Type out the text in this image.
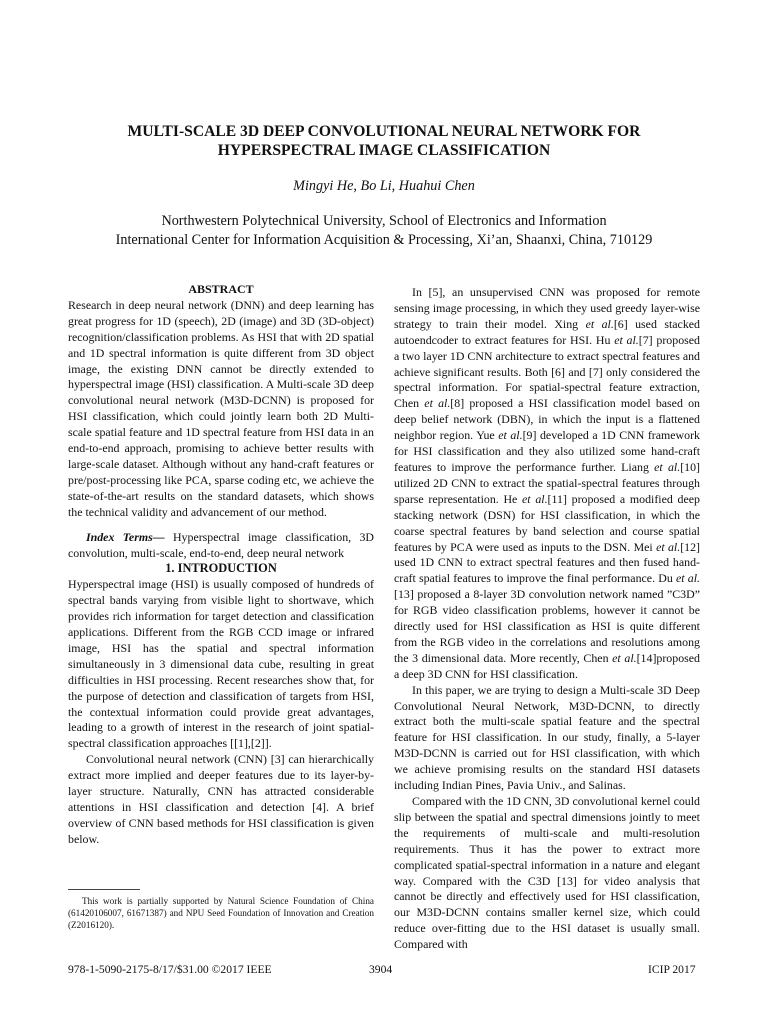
MULTI-SCALE 3D DEEP CONVOLUTIONAL NEURAL NETWORK FOR
HYPERSPECTRAL IMAGE CLASSIFICATION
Mingyi He, Bo Li, Huahui Chen
Northwestern Polytechnical University, School of Electronics and Information
International Center for Information Acquisition & Processing, Xi’an, Shaanxi, China, 710129

ABSTRACT

Research in deep neural network (DNN) and deep learning has great progress for 1D (speech), 2D (image) and 3D (3D-object) recognition/classification problems. As HSI that with 2D spatial and 1D spectral information is quite different from 3D object image, the existing DNN cannot be directly extended to hyperspectral image (HSI) classification. A Multi-scale 3D deep convolutional neural network (M3D-DCNN) is proposed for HSI classification, which could jointly learn both 2D Multi-scale spatial feature and 1D spectral feature from HSI data in an end-to-end approach, promising to achieve better results with large-scale dataset. Although without any hand-craft features or pre/post-processing like PCA, sparse coding etc, we achieve the state-of-the-art results on the standard datasets, which shows the technical validity and advancement of our method.

Index Terms— Hyperspectral image classification, 3D convolution, multi-scale, end-to-end, deep neural network

1. INTRODUCTION

Hyperspectral image (HSI) is usually composed of hundreds of spectral bands varying from visible light to shortwave, which provides rich information for target detection and classification applications. Different from the RGB CCD image or infrared image, HSI has the spatial and spectral information simultaneously in 3 dimensional data cube, resulting in great difficulties in HSI processing. Recent researches show that, for the purpose of detection and classification of targets from HSI, the contextual information could provide great advantages, leading to a growth of interest in the research of joint spatial-spectral classification approaches [[1],[2]].

Convolutional neural network (CNN) [3] can hierarchically extract more implied and deeper features due to its layer-by-layer structure. Naturally, CNN has attracted considerable attentions in HSI classification and detection [4]. A brief overview of CNN based methods for HSI classification is given below.

This work is partially supported by Natural Science Foundation of China (61420106007, 61671387) and NPU Seed Foundation of Innovation and Creation (Z2016120).

In [5], an unsupervised CNN was proposed for remote sensing image processing, in which they used greedy layer-wise strategy to train their model. Xing et al.[6] used stacked autoendcoder to extract features for HSI. Hu et al.[7] proposed a two layer 1D CNN architecture to extract spectral features and achieve significant results. Both [6] and [7] only considered the spectral information. For spatial-spectral feature extraction, Chen et al.[8] proposed a HSI classification model based on deep belief network (DBN), in which the input is a flattened neighbor region. Yue et al.[9] developed a 1D CNN framework for HSI classification and they also utilized some hand-craft features to improve the performance further. Liang et al.[10] utilized 2D CNN to extract the spatial-spectral features through sparse representation. He et al.[11] proposed a modified deep stacking network (DSN) for HSI classification, in which the coarse spectral features by band selection and course spatial features by PCA were used as inputs to the DSN. Mei et al.[12] used 1D CNN to extract spectral features and then fused hand-craft spatial features to improve the final performance. Du et al.[13] proposed a 8-layer 3D convolution network named ”C3D” for RGB video classification problems, however it cannot be directly used for HSI classification as HSI is quite different from the RGB video in the correlations and resolutions among the 3 dimensional data. More recently, Chen et al.[14]proposed a deep 3D CNN for HSI classification.

In this paper, we are trying to design a Multi-scale 3D Deep Convolutional Neural Network, M3D-DCNN, to directly extract both the multi-scale spatial feature and the spectral feature for HSI classification. In our study, finally, a 5-layer M3D-DCNN is carried out for HSI classification, with which we achieve promising results on the standard HSI datasets including Indian Pines, Pavia Univ., and Salinas.

Compared with the 1D CNN, 3D convolutional kernel could slip between the spatial and spectral dimensions jointly to meet the requirements of multi-scale and multi-resolution requirements. Thus it has the power to extract more complicated spatial-spectral information in a nature and elegant way. Compared with the C3D [13] for video analysis that cannot be directly and effectively used for HSI classification, our M3D-DCNN contains smaller kernel size, which could reduce over-fitting due to the HSI dataset is usually small. Compared with

978-1-5090-2175-8/17/$31.00 ©2017 IEEE	3904	ICIP 2017
